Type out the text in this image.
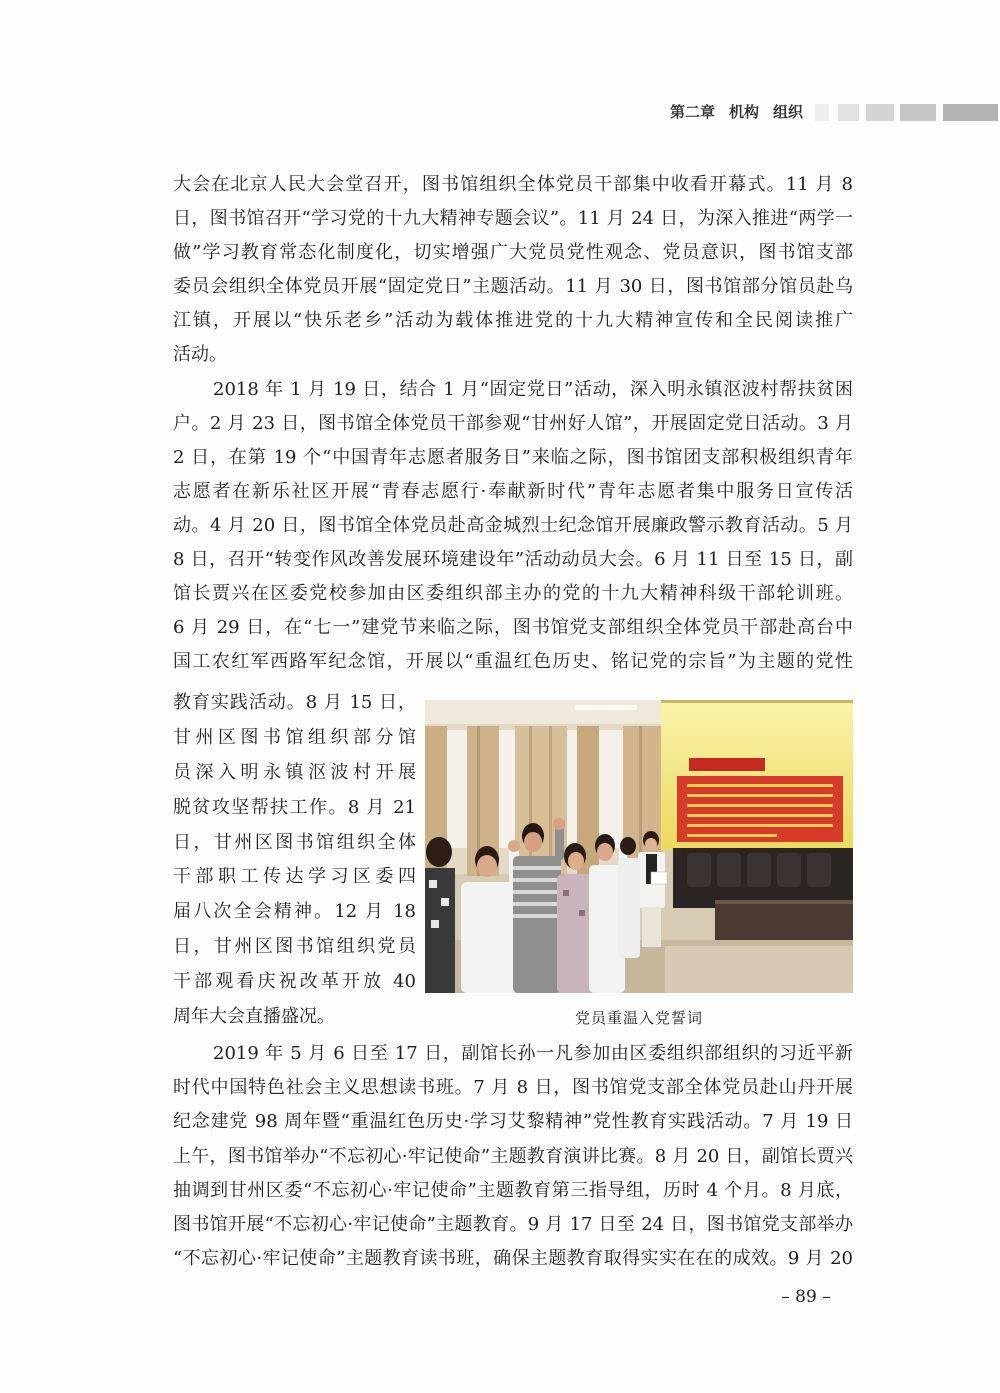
第二章 机构 组织
大会在北京人民大会堂召开，图书馆组织全体党员干部集中收看开幕式。11 月 8
日，图书馆召开“学习党的十九大精神专题会议”。11 月 24 日，为深入推进“两学一
做”学习教育常态化制度化，切实增强广大党员党性观念、党员意识，图书馆支部
委员会组织全体党员开展“固定党日”主题活动。11 月 30 日，图书馆部分馆员赴乌
江镇，开展以“快乐老乡”活动为载体推进党的十九大精神宣传和全民阅读推广
活动。
2018 年 1 月 19 日，结合 1 月“固定党日”活动，深入明永镇沤波村帮扶贫困
户。2 月 23 日，图书馆全体党员干部参观“甘州好人馆”，开展固定党日活动。3 月
2 日，在第 19 个“中国青年志愿者服务日”来临之际，图书馆团支部积极组织青年
志愿者在新乐社区开展“青春志愿行·奉献新时代”青年志愿者集中服务日宣传活
动。4 月 20 日，图书馆全体党员赴高金城烈士纪念馆开展廉政警示教育活动。5 月
8 日，召开“转变作风改善发展环境建设年”活动动员大会。6 月 11 日至 15 日，副
馆长贾兴在区委党校参加由区委组织部主办的党的十九大精神科级干部轮训班。
6 月 29 日，在“七一”建党节来临之际，图书馆党支部组织全体党员干部赴高台中
国工农红军西路军纪念馆，开展以“重温红色历史、铭记党的宗旨”为主题的党性
教育实践活动。8 月 15 日，
甘州区图书馆组织部分馆
员深入明永镇沤波村开展
脱贫攻坚帮扶工作。8 月 21
日，甘州区图书馆组织全体
干部职工传达学习区委四
届八次全会精神。12 月 18
日，甘州区图书馆组织党员
干部观看庆祝改革开放 40
周年大会直播盛况。	党员重温入党誓词
2019 年 5 月 6 日至 17 日，副馆长孙一凡参加由区委组织部组织的习近平新
时代中国特色社会主义思想读书班。7 月 8 日，图书馆党支部全体党员赴山丹开展
纪念建党 98 周年暨“重温红色历史·学习艾黎精神”党性教育实践活动。7 月 19 日
上午，图书馆举办“不忘初心·牢记使命”主题教育演讲比赛。8 月 20 日，副馆长贾兴
抽调到甘州区委“不忘初心·牢记使命”主题教育第三指导组，历时 4 个月。8 月底，
图书馆开展“不忘初心·牢记使命”主题教育。9 月 17 日至 24 日，图书馆党支部举办
“不忘初心·牢记使命”主题教育读书班，确保主题教育取得实实在在的成效。9 月 20
– 89 –
